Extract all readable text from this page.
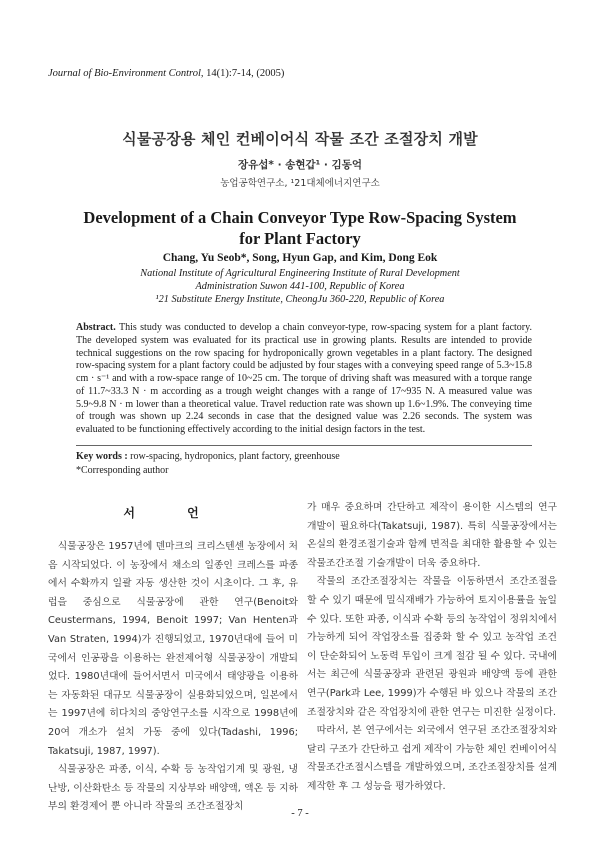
Journal of Bio-Environment Control, 14(1):7-14, (2005)
식물공장용 체인 컨베이어식 작물 조간 조절장치 개발
장유섭* · 송현갑¹ · 김동억
농업공학연구소, ¹21대체에너지연구소
Development of a Chain Conveyor Type Row-Spacing System for Plant Factory
Chang, Yu Seob*, Song, Hyun Gap, and Kim, Dong Eok
National Institute of Agricultural Engineering Institute of Rural Development
Administration Suwon 441-100, Republic of Korea
¹21 Substitute Energy Institute, CheongJu 360-220, Republic of Korea
Abstract. This study was conducted to develop a chain conveyor-type, row-spacing system for a plant factory. The developed system was evaluated for its practical use in growing plants. Results are intended to provide technical suggestions on the row spacing for hydroponically grown vegetables in a plant factory. The designed row-spacing system for a plant factory could be adjusted by four stages with a conveying speed range of 5.3~15.8 cm · s⁻¹ and with a row-space range of 10~25 cm. The torque of driving shaft was measured with a torque range of 11.7~33.3 N · m according as a trough weight changes with a range of 17~935 N. A measured value was 5.9~9.8 N · m lower than a theoretical value. Travel reduction rate was shown up 1.6~1.9%. The conveying time of trough was shown up 2.24 seconds in case that the designed value was 2.26 seconds. The system was evaluated to be functioning effectively according to the initial design factors in the test.
Key words : row-spacing, hydroponics, plant factory, greenhouse
*Corresponding author
서 언

식물공장은 1957년에 덴마크의 크리스텐센 농장에서 처음 시작되었다. 이 농장에서 채소의 일종인 크레스를 파종에서 수확까지 일괄 자동 생산한 것이 시초이다. 그 후, 유럽을 중심으로 식물공장에 관한 연구(Benoit와 Ceustermans, 1994, Benoit 1997; Van Henten과 Van Straten, 1994)가 진행되었고, 1970년대에 들어 미국에서 인공광을 이용하는 완전제어형 식물공장이 개발되었다. 1980년대에 들어서면서 미국에서 태양광을 이용하는 자동화된 대규모 식물공장이 실용화되었으며, 일본에서는 1997년에 히다치의 중앙연구소를 시작으로 1998년에 20여 개소가 설치 가동 중에 있다(Tadashi, 1996; Takatsuji, 1987, 1997).

식물공장은 파종, 이식, 수확 등 농작업기계 및 광원, 냉난방, 이산화탄소 등 작물의 지상부와 배양액, 액온 등 지하부의 환경제어 뿐 아니라 작물의 조간조절장치

가 매우 중요하며 간단하고 제작이 용이한 시스템의 연구 개발이 필요하다(Takatsuji, 1987). 특히 식물공장에서는 온실의 환경조절기술과 함께 면적을 최대한 활용할 수 있는 작물조간조절 기술개발이 더욱 중요하다.

작물의 조간조절장치는 작물을 이동하면서 조간조절을 할 수 있기 때문에 밀식재배가 가능하여 토지이용률을 높일 수 있다. 또한 파종, 이식과 수확 등의 농작업이 정위치에서 가능하게 되어 작업장소를 집중화 할 수 있고 농작업 조건이 단순화되어 노동력 투입이 크게 절감 될 수 있다. 국내에서는 최근에 식물공장과 관련된 광원과 배양액 등에 관한 연구(Park과 Lee, 1999)가 수행된 바 있으나 작물의 조간조절장치와 같은 작업장치에 관한 연구는 미진한 실정이다.

따라서, 본 연구에서는 외국에서 연구된 조간조절장치와 달리 구조가 간단하고 쉽게 제작이 가능한 체인 컨베이어식 작물조간조절시스템을 개발하였으며, 조간조절장치를 설계제작한 후 그 성능을 평가하였다.

- 7 -
